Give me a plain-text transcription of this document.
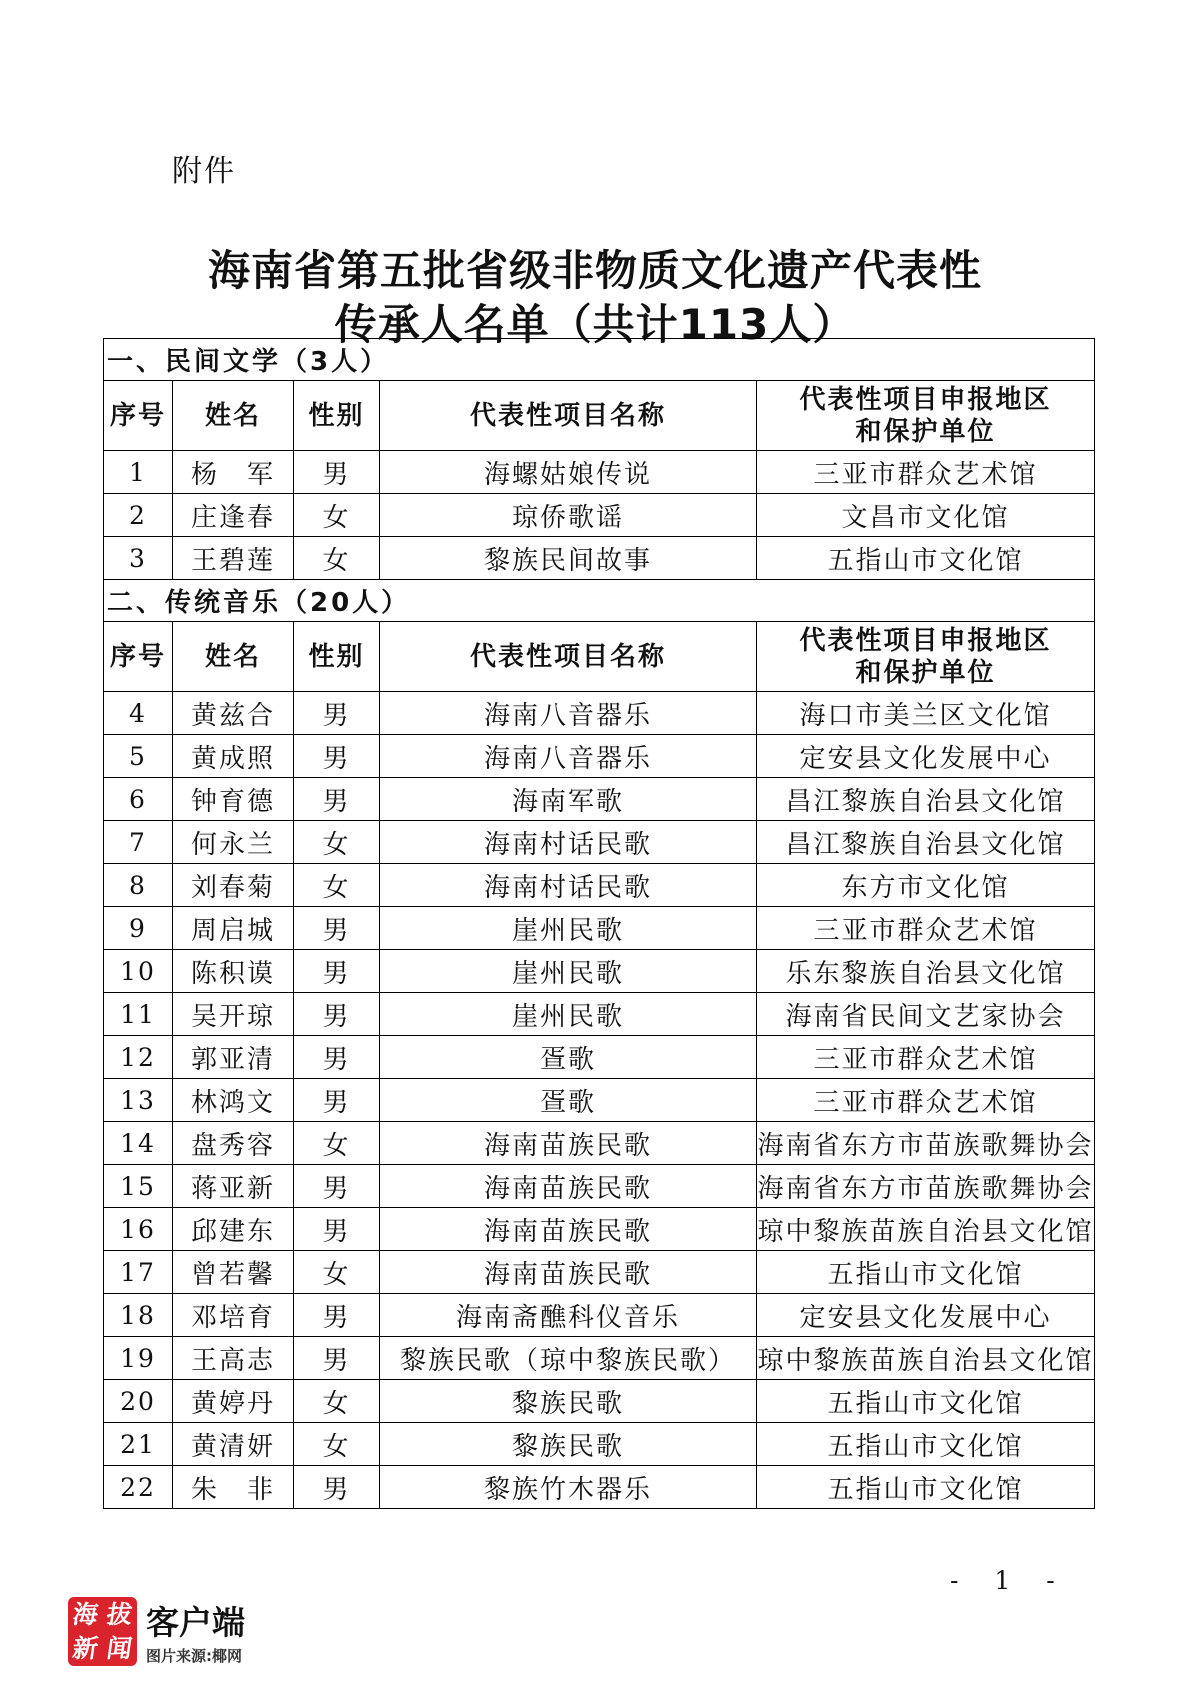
附件
海南省第五批省级非物质文化遗产代表性
传承人名单（共计113人）
一、民间文学（3人）				
序号	姓名	性别	代表性项目名称	代表性项目申报地区
和保护单位

1	杨　军	男	海螺姑娘传说	三亚市群众艺术馆
2	庄逢春	女	琼侨歌谣	文昌市文化馆
3	王碧莲	女	黎族民间故事	五指山市文化馆
二、传统音乐（20人）				
序号	姓名	性别	代表性项目名称	代表性项目申报地区
和保护单位

4	黄兹合	男	海南八音器乐	海口市美兰区文化馆
5	黄成照	男	海南八音器乐	定安县文化发展中心
6	钟育德	男	海南军歌	昌江黎族自治县文化馆
7	何永兰	女	海南村话民歌	昌江黎族自治县文化馆
8	刘春菊	女	海南村话民歌	东方市文化馆
9	周启城	男	崖州民歌	三亚市群众艺术馆
10	陈积谟	男	崖州民歌	乐东黎族自治县文化馆
11	吴开琼	男	崖州民歌	海南省民间文艺家协会
12	郭亚清	男	疍歌	三亚市群众艺术馆
13	林鸿文	男	疍歌	三亚市群众艺术馆
14	盘秀容	女	海南苗族民歌	海南省东方市苗族歌舞协会
15	蒋亚新	男	海南苗族民歌	海南省东方市苗族歌舞协会
16	邱建东	男	海南苗族民歌	琼中黎族苗族自治县文化馆
17	曾若馨	女	海南苗族民歌	五指山市文化馆
18	邓培育	男	海南斋醮科仪音乐	定安县文化发展中心
19	王高志	男	黎族民歌（琼中黎族民歌）	琼中黎族苗族自治县文化馆
20	黄婷丹	女	黎族民歌	五指山市文化馆
21	黄清妍	女	黎族民歌	五指山市文化馆
22	朱　非	男	黎族竹木器乐	五指山市文化馆
- 1 -
海 拔
新 闻
客户端
图片来源:椰网
